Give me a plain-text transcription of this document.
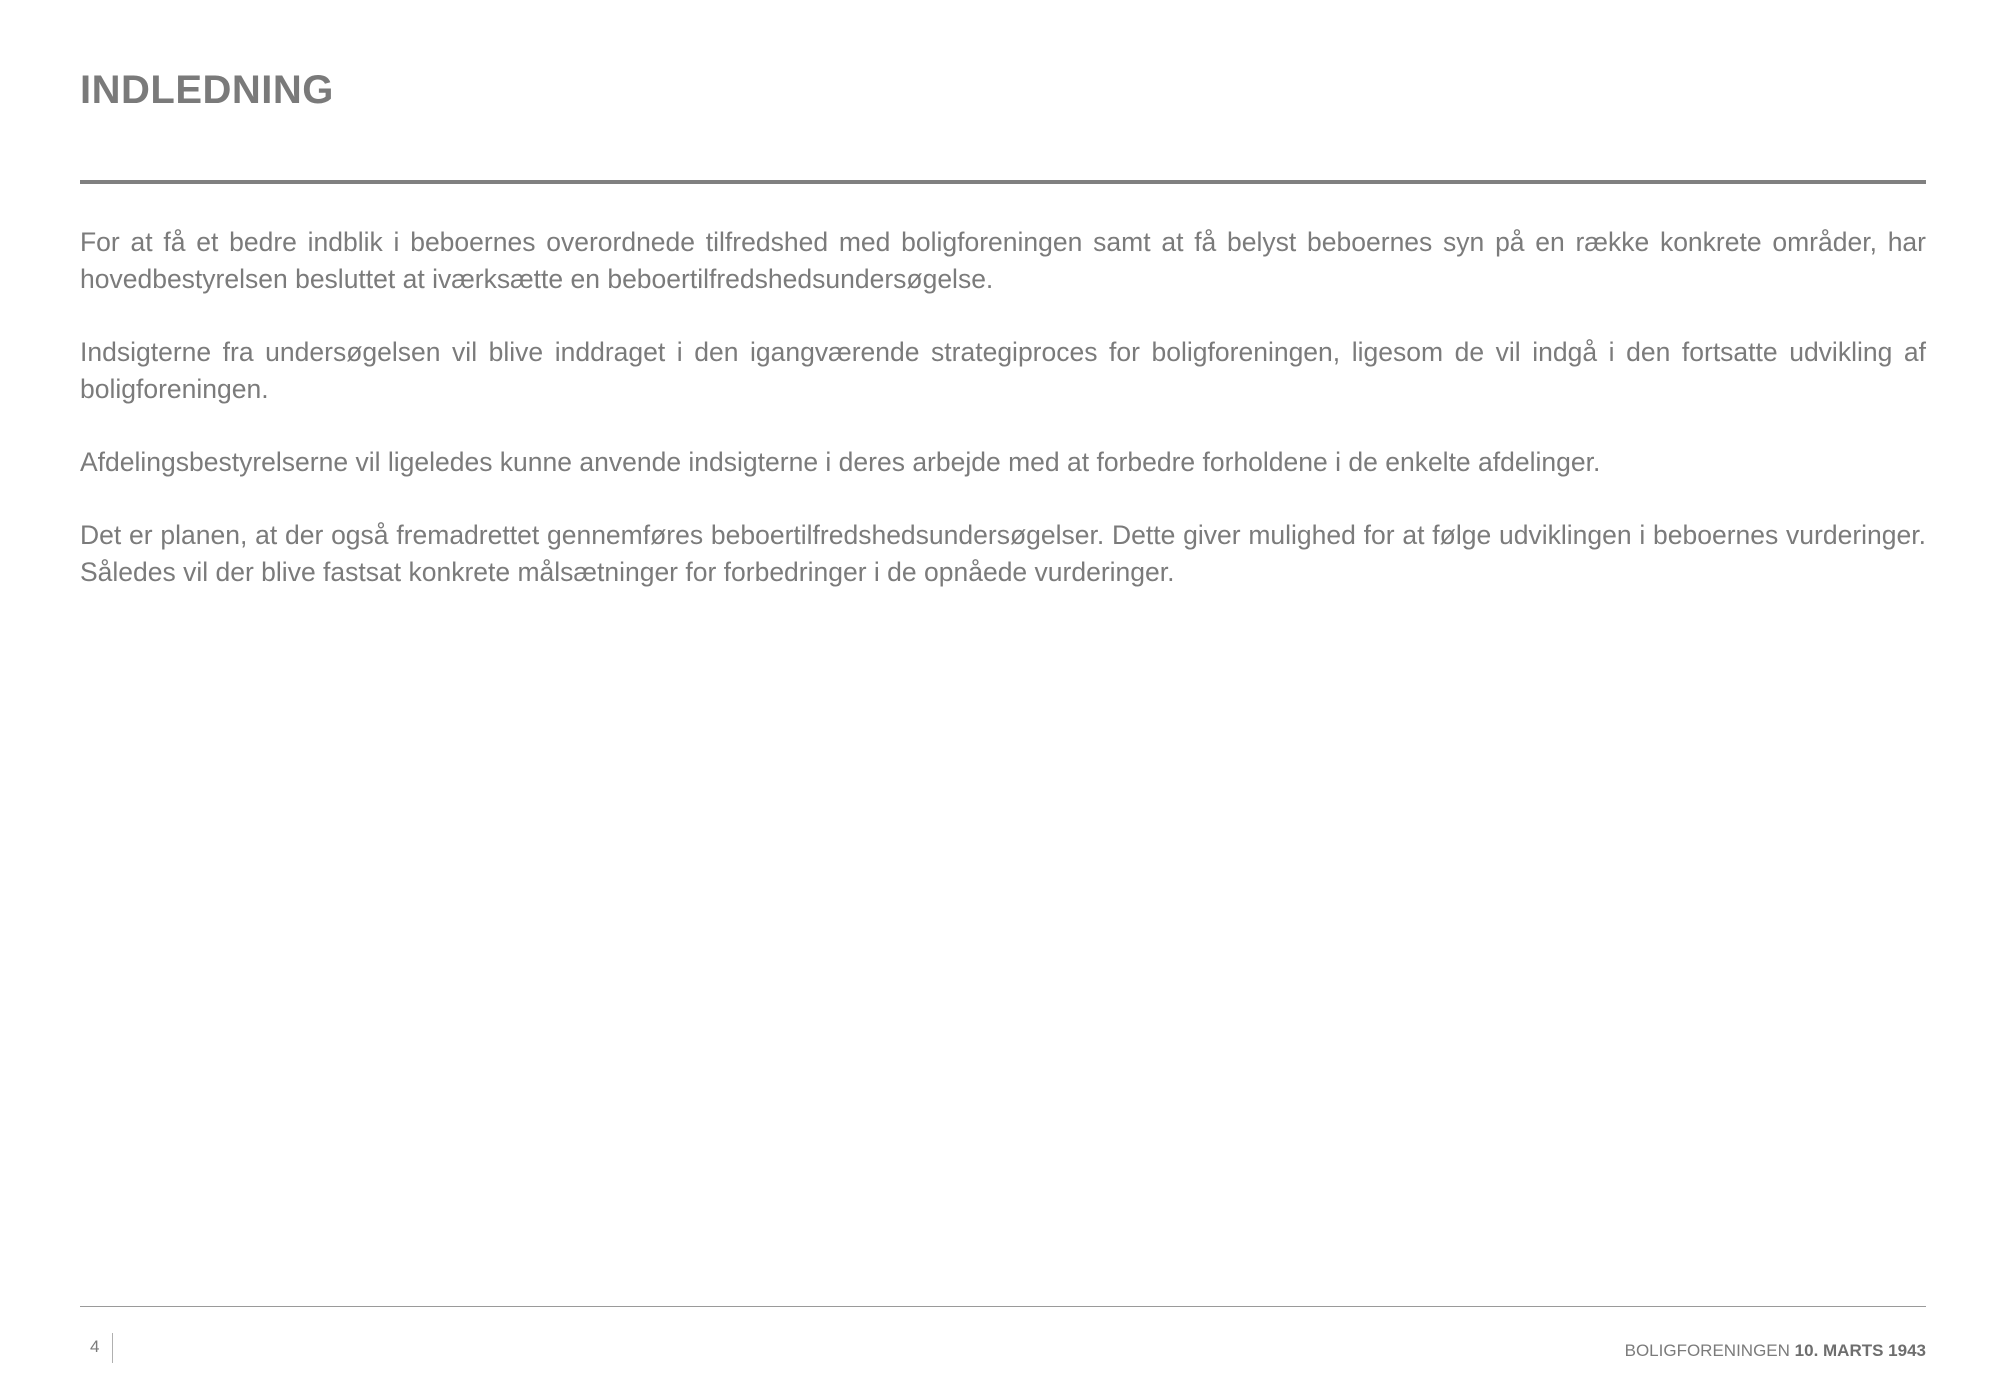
INDLEDNING

For at få et bedre indblik i beboernes overordnede tilfredshed med boligforeningen samt at få belyst beboernes syn på en række konkrete områder, har hovedbestyrelsen besluttet at iværksætte en beboertilfredshedsundersøgelse.

Indsigterne fra undersøgelsen vil blive inddraget i den igangværende strategiproces for boligforeningen, ligesom de vil indgå i den fortsatte udvikling af boligforeningen.

Afdelingsbestyrelserne vil ligeledes kunne anvende indsigterne i deres arbejde med at forbedre forholdene i de enkelte afdelinger.

Det er planen, at der også fremadrettet gennemføres beboertilfredshedsundersøgelser. Dette giver mulighed for at følge udviklingen i beboernes vurderinger. Således vil der blive fastsat konkrete målsætninger for forbedringer i de opnåede vurderinger.

4	BOLIGFORENINGEN 10. MARTS 1943
